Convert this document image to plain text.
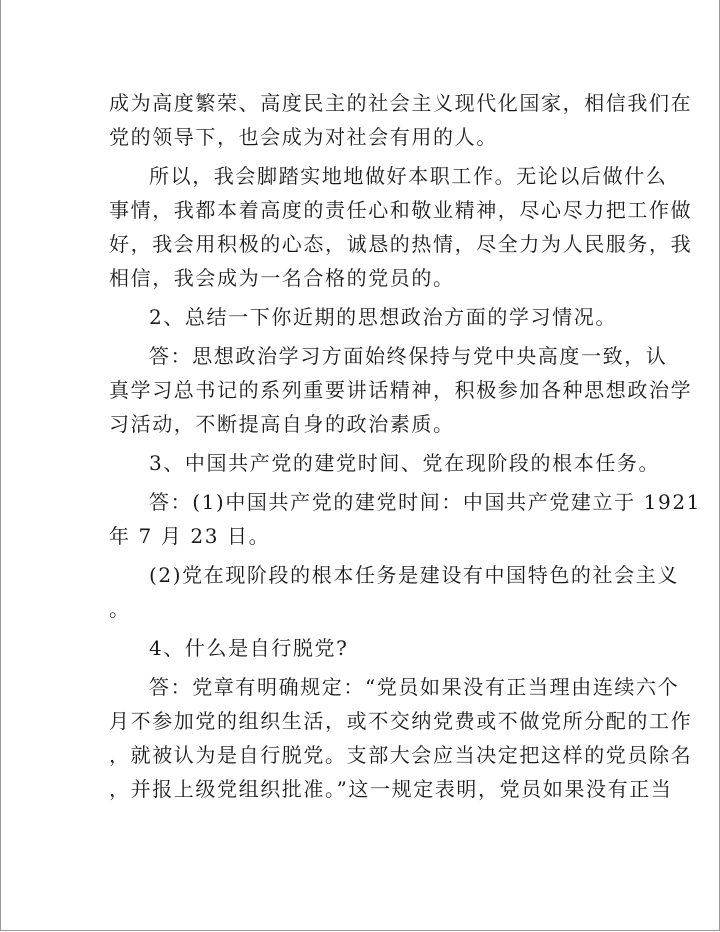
成为高度繁荣、高度民主的社会主义现代化国家，相信我们在

党的领导下，也会成为对社会有用的人。

所以，我会脚踏实地地做好本职工作。无论以后做什么

事情，我都本着高度的责任心和敬业精神，尽心尽力把工作做

好，我会用积极的心态，诚恳的热情，尽全力为人民服务，我

相信，我会成为一名合格的党员的。

2、总结一下你近期的思想政治方面的学习情况。

答：思想政治学习方面始终保持与党中央高度一致，认

真学习总书记的系列重要讲话精神，积极参加各种思想政治学

习活动，不断提高自身的政治素质。

3、中国共产党的建党时间、党在现阶段的根本任务。

答：(1)中国共产党的建党时间：中国共产党建立于 1921

年 7 月 23 日。

(2)党在现阶段的根本任务是建设有中国特色的社会主义

。

4、什么是自行脱党?

答：党章有明确规定：“党员如果没有正当理由连续六个

月不参加党的组织生活，或不交纳党费或不做党所分配的工作

，就被认为是自行脱党。支部大会应当决定把这样的党员除名

，并报上级党组织批准。”这一规定表明，党员如果没有正当
